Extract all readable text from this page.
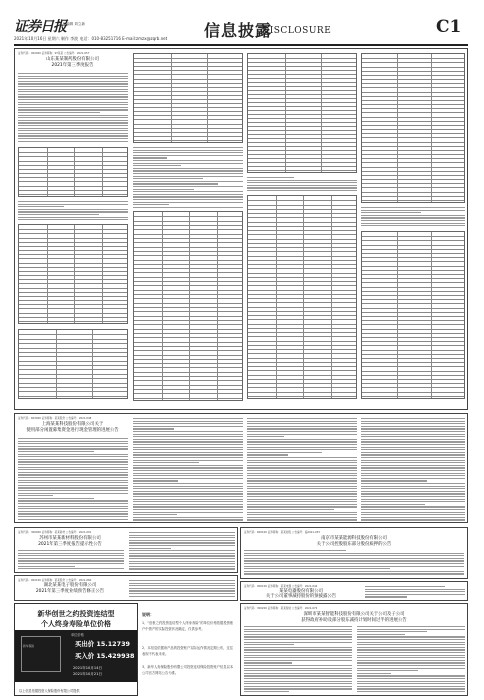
证券日报 编辑 刘立新
2021年10月16日 星期六 制作 李波 电话：010-83251716 E-mail:zmzx@zqrb.net 信息披露
DISCLOSURE	C1
证券代码：002000 证券简称：ST某某 公告编号：2021-057
山东某某制药股份有限公司
2021年第三季度报告
证券代码：603000 证券简称：某某股份 公告编号：2021-048
上海某某科技股份有限公司关于
使用部分闲置募集资金进行现金管理的进展公告
证券代码：300000 证券简称：某某新材 公告编号：2021-091
苏州市某某新材料股份有限公司
2021年第三季度报告提示性公告
证券代码：002100 证券简称：某某股份 公告编号：2021-060
湖北某某电子股份有限公司
2021年第三季度业绩预告修正公告
证券代码：600100 证券简称：某某控股 公告编号：临2021-033
南京市某某能源科技股份有限公司
关于公司控股股东部分股份质押的公告
证券代码：000100 证券简称：某某电器 公告编号：2021-044
某某电器股份有限公司
关于公司董事减持股份的预披露公告
证券代码：300200 证券简称：某某智能 公告编号：2021-072
深圳市某某智能科技股份有限公司关于公司及子公司
获得政府补助及部分股东减持计划时间过半的进展公告
新华创世之约投资连结型
个人终身寿险单位价格
新华保险
单位价格
买出价 15.12739
买入价 15.429938
2021年10月14日
2021年10月21日
以上信息依据投资人保险股份有限公司提供
说明：
1、“创世之约投资连结型个人终身寿险”的单位价格依据投资账户中资产的实际投资状况确定，仅供参考。
2、本信息依据该产品的投资账户实际运作情况定期公布，过往表现不代表未来。
3、新华人寿保险股份有限公司投资连结保险投资账户信息以本公司官方网站公告为准。
